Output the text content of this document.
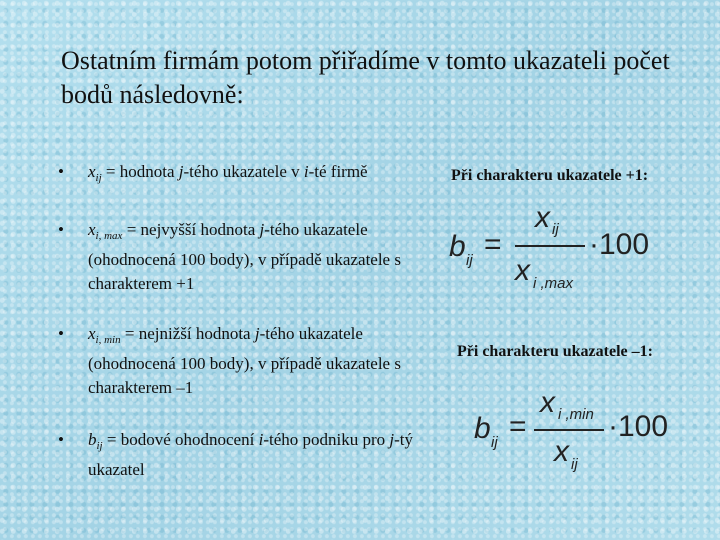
Ostatním firmám potom přiřadíme v tomto ukazateli počet bodů následovně:
• $x_{ij}$ = hodnota j-tého ukazatele v i-té firmě
• $x_{i, max}$ = nejvyšší hodnota j-tého ukazatele (ohodnocená 100 body), v případě ukazatele s charakterem +1
• $x_{i, min}$ = nejnižší hodnota j-tého ukazatele (ohodnocená 100 body), v případě ukazatele s charakterem –1
• $b_{ij}$ = bodové ohodnocení i-tého podniku pro j-tý ukazatel
Při charakteru ukazatele +1:
b ij =
x ij
x i ,max
·100
Při charakteru ukazatele –1:
b ij =
x i ,min
x ij
·100
